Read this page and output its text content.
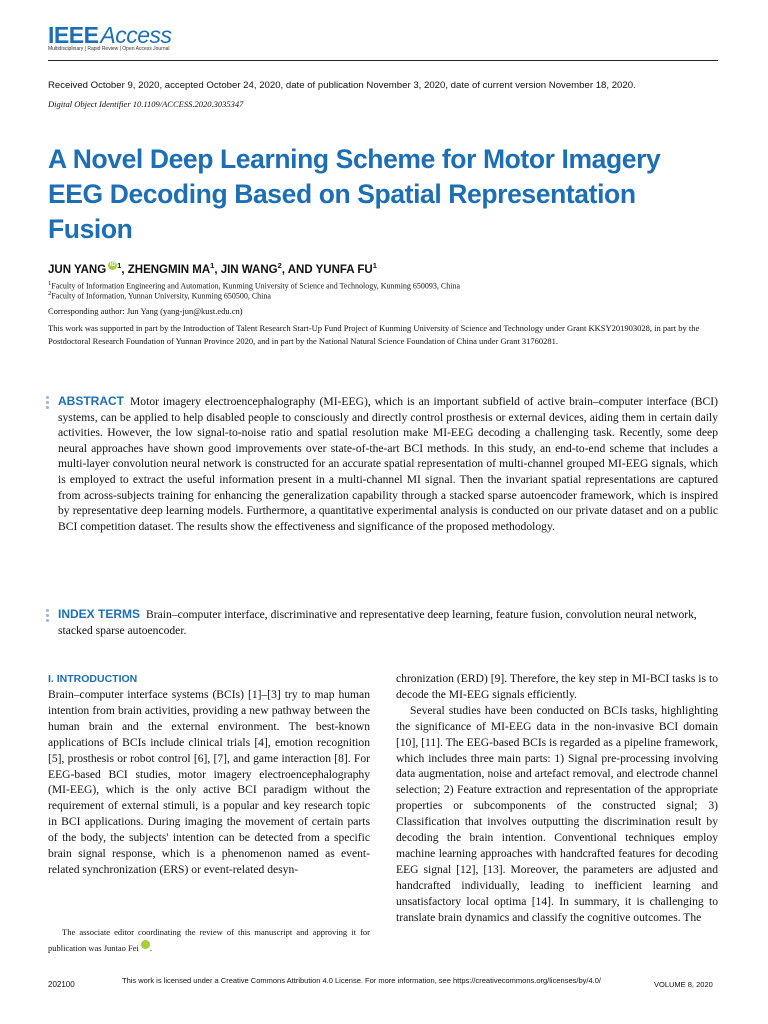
IEEEAccess
Multidisciplinary | Rapid Review | Open Access Journal
Received October 9, 2020, accepted October 24, 2020, date of publication November 3, 2020, date of current version November 18, 2020.
Digital Object Identifier 10.1109/ACCESS.2020.3035347
A Novel Deep Learning Scheme for Motor Imagery EEG Decoding Based on Spatial Representation Fusion
JUN YANG iD $^1$, ZHENGMIN $MA^1$, JIN WANG$^2$, AND YUNFA $FU^1$
$^1$Faculty of Information Engineering and Automation, Kunming University of Science and Technology, Kunming 650093, China
$^2$Faculty of Information, Yunnan University, Kunming 650500, China
Corresponding author: Jun Yang (yang-jun@kust.edu.cn)
This work was supported in part by the Introduction of Talent Research Start-Up Fund Project of Kunming University of Science and Technology under Grant KKSY201903028, in part by the Postdoctoral Research Foundation of Yunnan Province 2020, and in part by the National Natural Science Foundation of China under Grant 31760281.
ABSTRACT Motor imagery electroencephalography (MI-EEG), which is an important subfield of active brain–computer interface (BCI) systems, can be applied to help disabled people to consciously and directly control prosthesis or external devices, aiding them in certain daily activities. However, the low signal-to-noise ratio and spatial resolution make MI-EEG decoding a challenging task. Recently, some deep neural approaches have shown good improvements over state-of-the-art BCI methods. In this study, an end-to-end scheme that includes a multi-layer convolution neural network is constructed for an accurate spatial representation of multi-channel grouped MI-EEG signals, which is employed to extract the useful information present in a multi-channel MI signal. Then the invariant spatial representations are captured from across-subjects training for enhancing the generalization capability through a stacked sparse autoencoder framework, which is inspired by representative deep learning models. Furthermore, a quantitative experimental analysis is conducted on our private dataset and on a public BCI competition dataset. The results show the effectiveness and significance of the proposed methodology.
INDEX TERMS Brain–computer interface, discriminative and representative deep learning, feature fusion, convolution neural network, stacked sparse autoencoder.
I. INTRODUCTION

Brain–computer interface systems (BCIs) [1]–[3] try to map human intention from brain activities, providing a new pathway between the human brain and the external environment. The best-known applications of BCIs include clinical trials [4], emotion recognition [5], prosthesis or robot control [6], [7], and game interaction [8]. For EEG-based BCI studies, motor imagery electroencephalography (MI-EEG), which is the only active BCI paradigm without the requirement of external stimuli, is a popular and key research topic in BCI applications. During imaging the movement of certain parts of the body, the subjects' intention can be detected from a specific brain signal response, which is a phenomenon named as event-related synchronization (ERS) or event-related desyn-

chronization (ERD) [9]. Therefore, the key step in MI-BCI tasks is to decode the MI-EEG signals efficiently.

Several studies have been conducted on BCIs tasks, highlighting the significance of MI-EEG data in the non-invasive BCI domain [10], [11]. The EEG-based BCIs is regarded as a pipeline framework, which includes three main parts: 1) Signal pre-processing involving data augmentation, noise and artefact removal, and electrode channel selection; 2) Feature extraction and representation of the appropriate properties or subcomponents of the constructed signal; 3) Classification that involves outputting the discrimination result by decoding the brain intention. Conventional techniques employ machine learning approaches with handcrafted features for decoding EEG signal [12], [13]. Moreover, the parameters are adjusted and handcrafted individually, leading to inefficient learning and unsatisfactory local optima [14]. In summary, it is challenging to translate brain dynamics and classify the cognitive outcomes. The

The associate editor coordinating the review of this manuscript and approving it for publication was Juntao Fei	iD.
202100	This work is licensed under a Creative Commons Attribution 4.0 License. For more information, see https://creativecommons.org/licenses/by/4.0/	VOLUME 8, 2020
